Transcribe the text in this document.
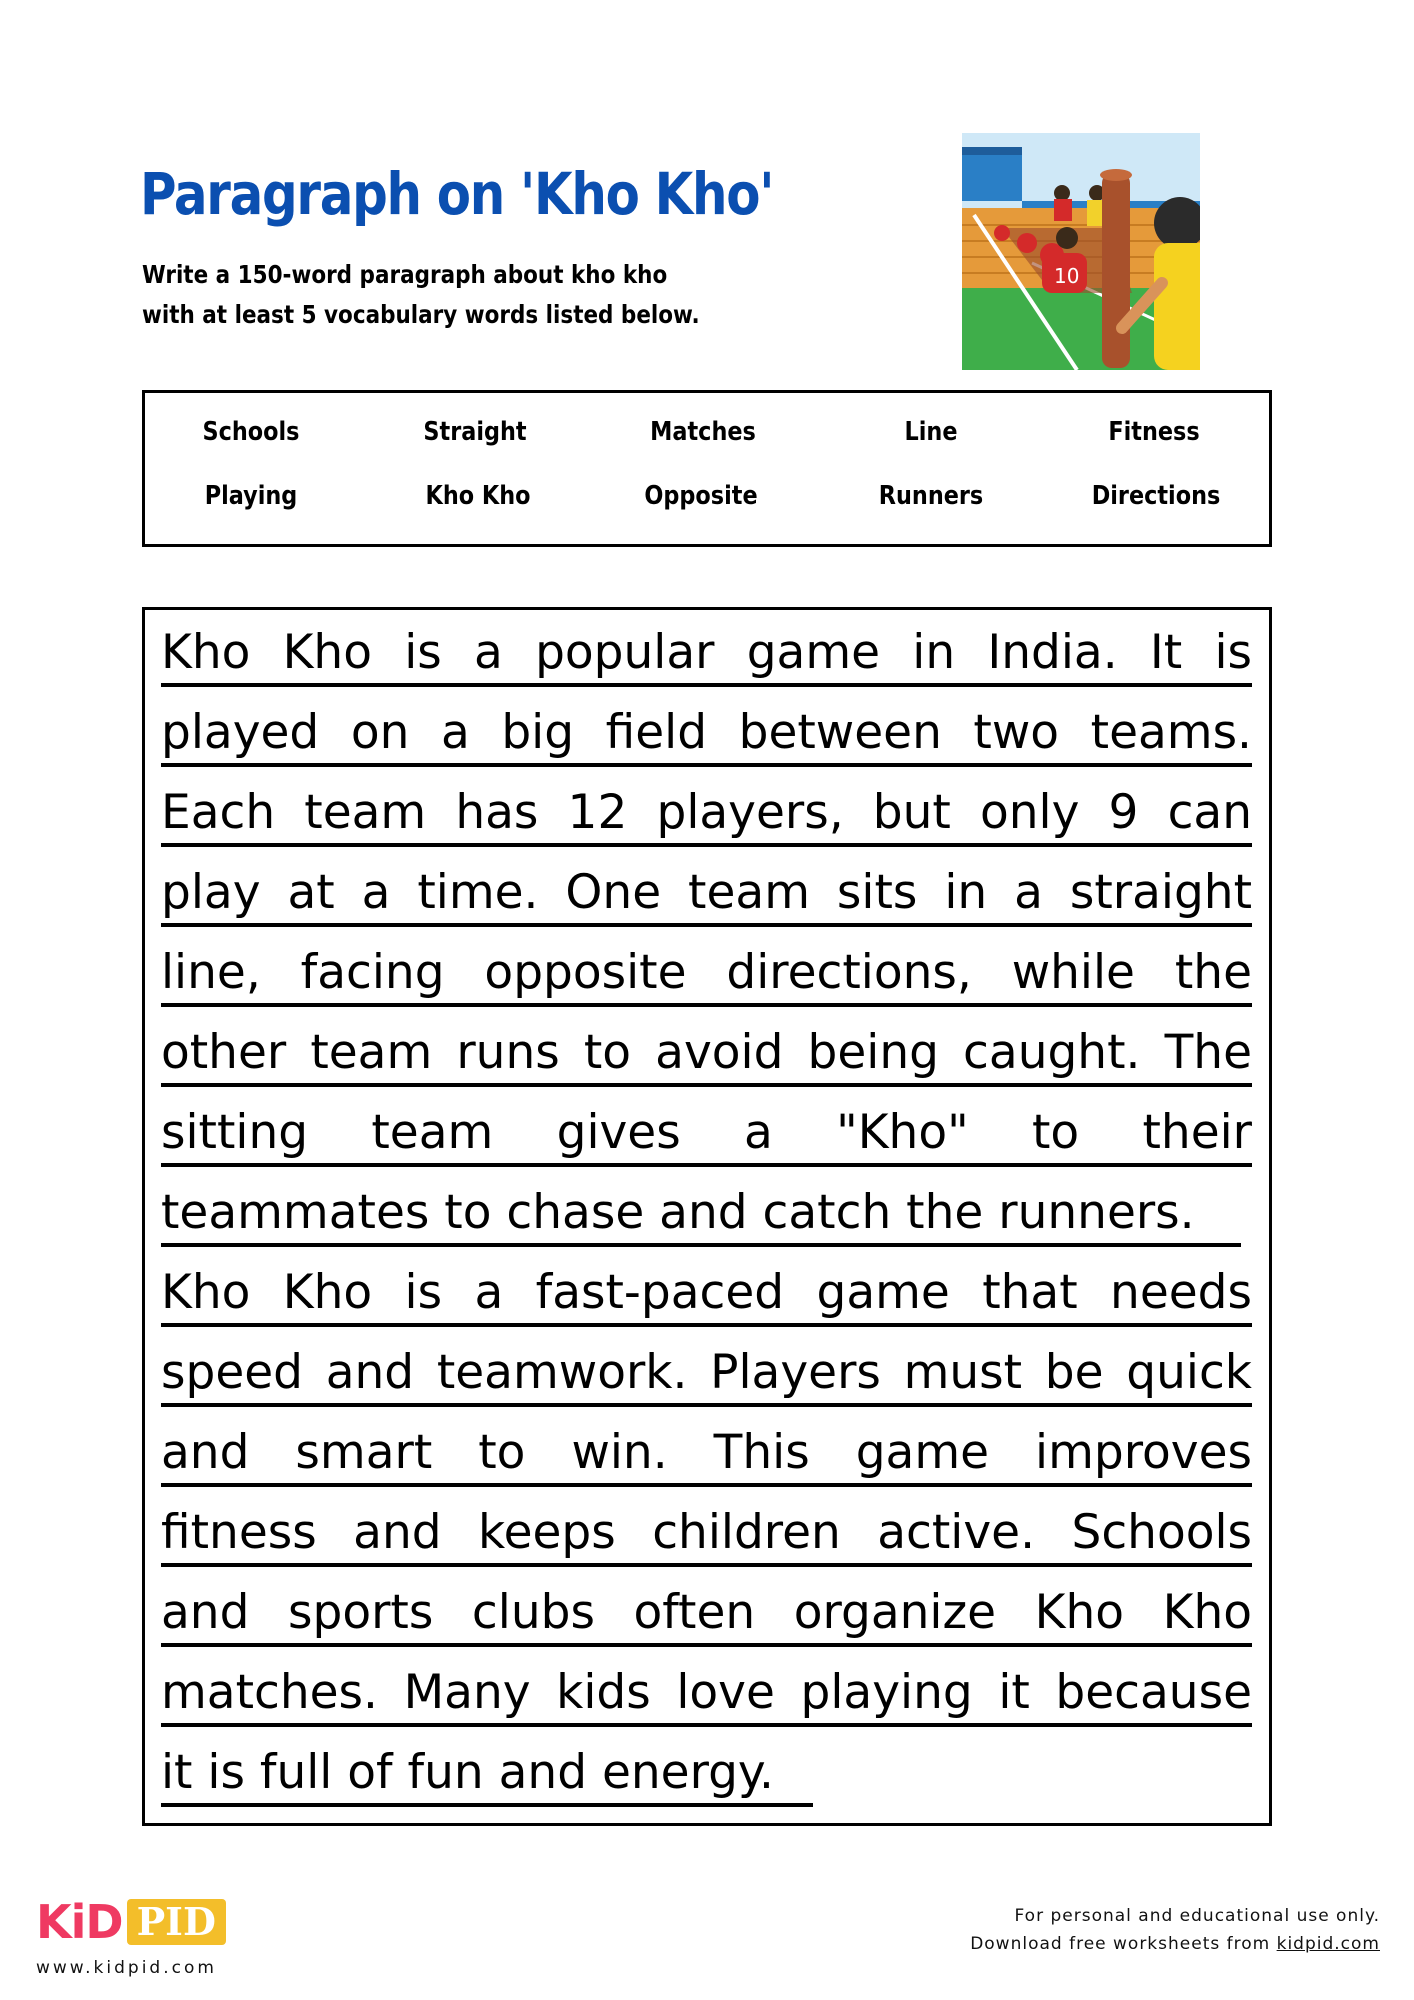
Paragraph on 'Kho Kho'
Write a 150-word paragraph about kho kho
with at least 5 vocabulary words listed below.
10
Schools	Straight	Matches	Line	Fitness
Playing	Kho Kho	Opposite	Runners	Directions
Kho Kho is a popular game in India. It is
played on a big field between two teams.
Each team has 12 players, but only 9 can
play at a time. One team sits in a straight
line, facing opposite directions, while the
other team runs to avoid being caught. The
sitting team gives a "Kho" to their
teammates to chase and catch the runners.
Kho Kho is a fast-paced game that needs
speed and teamwork. Players must be quick
and smart to win. This game improves
fitness and keeps children active. Schools
and sports clubs often organize Kho Kho
matches. Many kids love playing it because
it is full of fun and energy.
KiD PID
www.kidpid.com
For personal and educational use only.
Download free worksheets from kidpid.com
